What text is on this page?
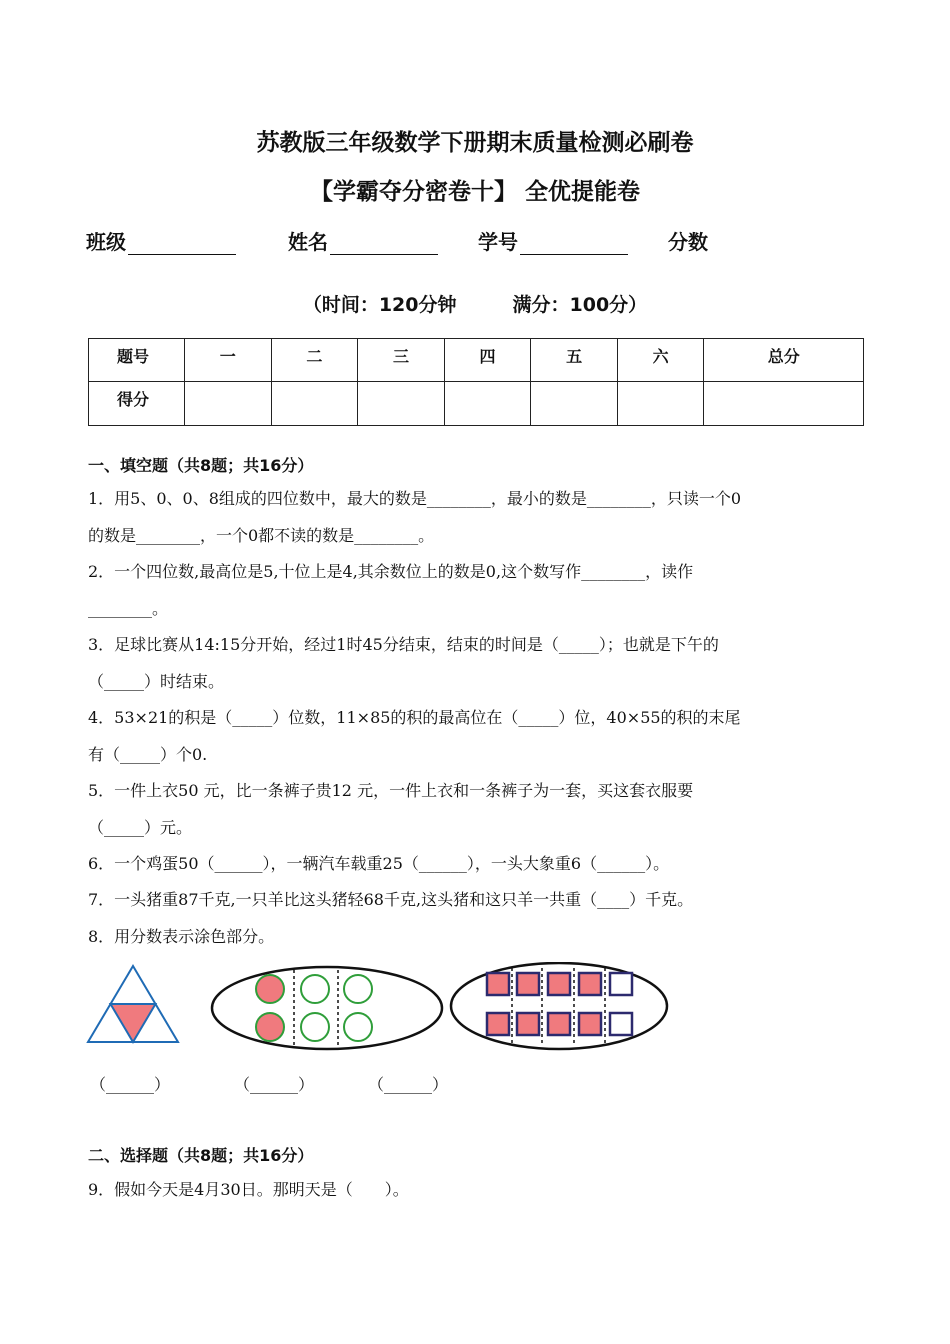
苏教版三年级数学下册期末质量检测必刷卷
【学霸夺分密卷十】 全优提能卷
班级	姓名	学号	分数
（时间：120分钟	满分：100分）
题号	一	二	三	四	五	六	总分
得分							
一、填空题（共8题；共16分）
1．用5、0、0、8组成的四位数中，最大的数是________，最小的数是________，只读一个0
的数是________，一个0都不读的数是________。
2．一个四位数,最高位是5,十位上是4,其余数位上的数是0,这个数写作________，读作
________。
3．足球比赛从14:15分开始，经过1时45分结束，结束的时间是（_____）；也就是下午的
（_____）时结束。
4．53×21的积是（_____）位数，11×85的积的最高位在（_____）位，40×55的积的末尾
有（_____）个0.
5．一件上衣50 元，比一条裤子贵12 元，一件上衣和一条裤子为一套，买这套衣服要
（_____）元。
6．一个鸡蛋50（______），一辆汽车载重25（______），一头大象重6（______）。
7．一头猪重87千克,一只羊比这头猪轻68千克,这头猪和这只羊一共重（____）千克。
8．用分数表示涂色部分。
（______）	（______）	（______）
二、选择题（共8题；共16分）
9．假如今天是4月30日。那明天是（　　）。
